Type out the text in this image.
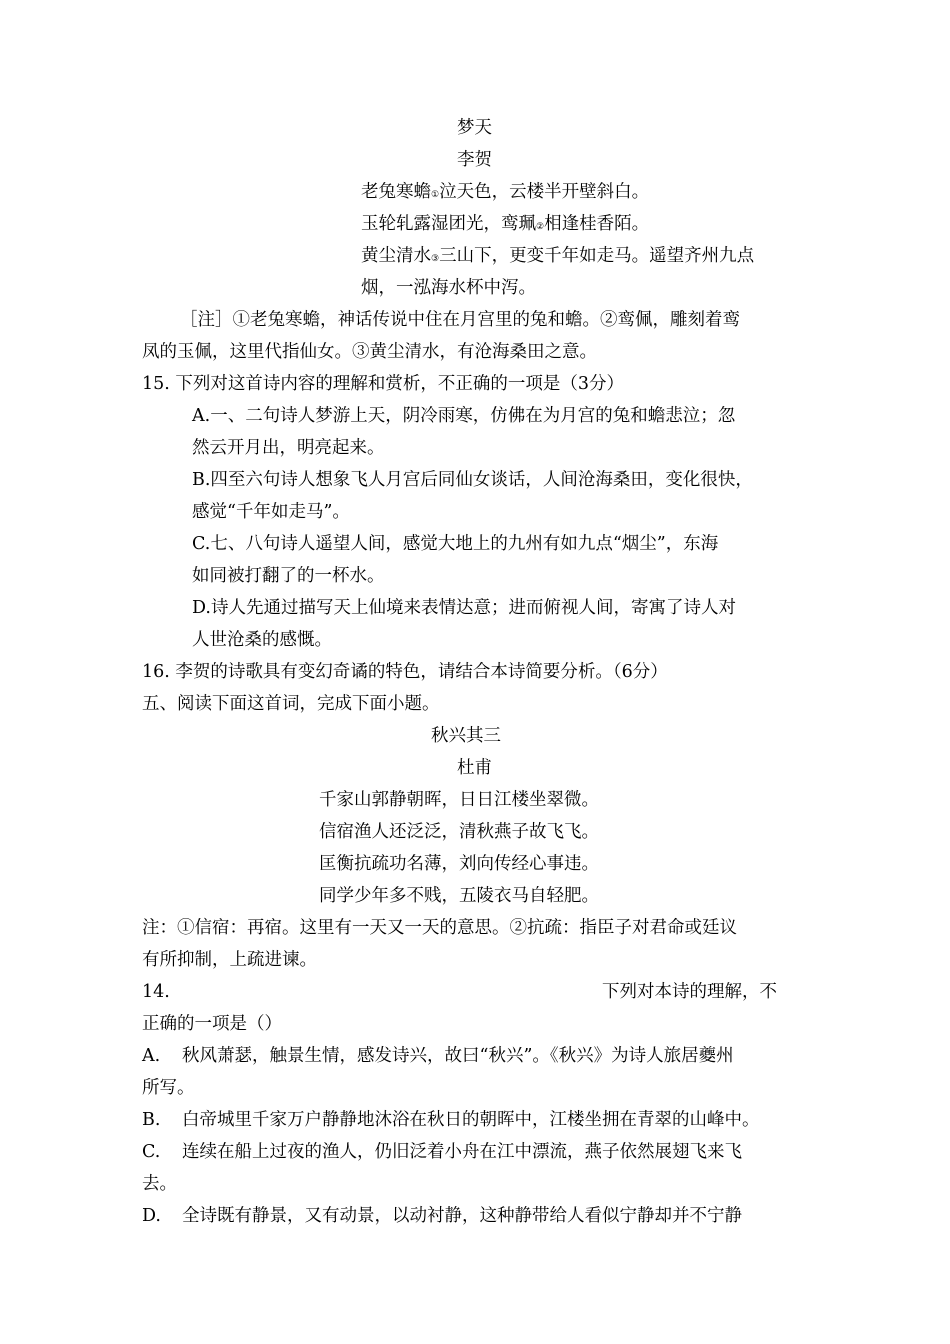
梦天
李贺
老兔寒蟾①泣天色，云楼半开壁斜白。
玉轮轧露湿团光，鸾珮②相逢桂香陌。
黄尘清水③三山下，更变千年如走马。遥望齐州九点
烟，一泓海水杯中泻。
［注］①老兔寒蟾，神话传说中住在月宫里的兔和蟾。②鸾佩，雕刻着鸾
凤的玉佩，这里代指仙女。③黄尘清水，有沧海桑田之意。
15. 下列对这首诗内容的理解和赏析，不正确的一项是（3分）
A.一、二句诗人梦游上天，阴冷雨寒，仿佛在为月宫的兔和蟾悲泣；忽
然云开月出，明亮起来。
B.四至六句诗人想象飞人月宫后同仙女谈话，人间沧海桑田，变化很快，
感觉“千年如走马”。
C.七、八句诗人遥望人间，感觉大地上的九州有如九点“烟尘”，东海
如同被打翻了的一杯水。
D.诗人先通过描写天上仙境来表情达意；进而俯视人间，寄寓了诗人对
人世沧桑的感慨。
16. 李贺的诗歌具有变幻奇谲的特色，请结合本诗简要分析。（6分）
五、阅读下面这首词，完成下面小题。
秋兴其三
杜甫
千家山郭静朝晖，日日江楼坐翠微。
信宿渔人还泛泛，清秋燕子故飞飞。
匡衡抗疏功名薄，刘向传经心事违。
同学少年多不贱，五陵衣马自轻肥。
注：①信宿：再宿。这里有一天又一天的意思。②抗疏：指臣子对君命或廷议
有所抑制，上疏进谏。
14.	下列对本诗的理解，不
正确的一项是（）
A. 秋风萧瑟，触景生情，感发诗兴，故曰“秋兴”。《秋兴》为诗人旅居夔州
所写。
B. 白帝城里千家万户静静地沐浴在秋日的朝晖中，江楼坐拥在青翠的山峰中。
C. 连续在船上过夜的渔人，仍旧泛着小舟在江中漂流，燕子依然展翅飞来飞
去。
D. 全诗既有静景，又有动景，以动衬静，这种静带给人看似宁静却并不宁静
